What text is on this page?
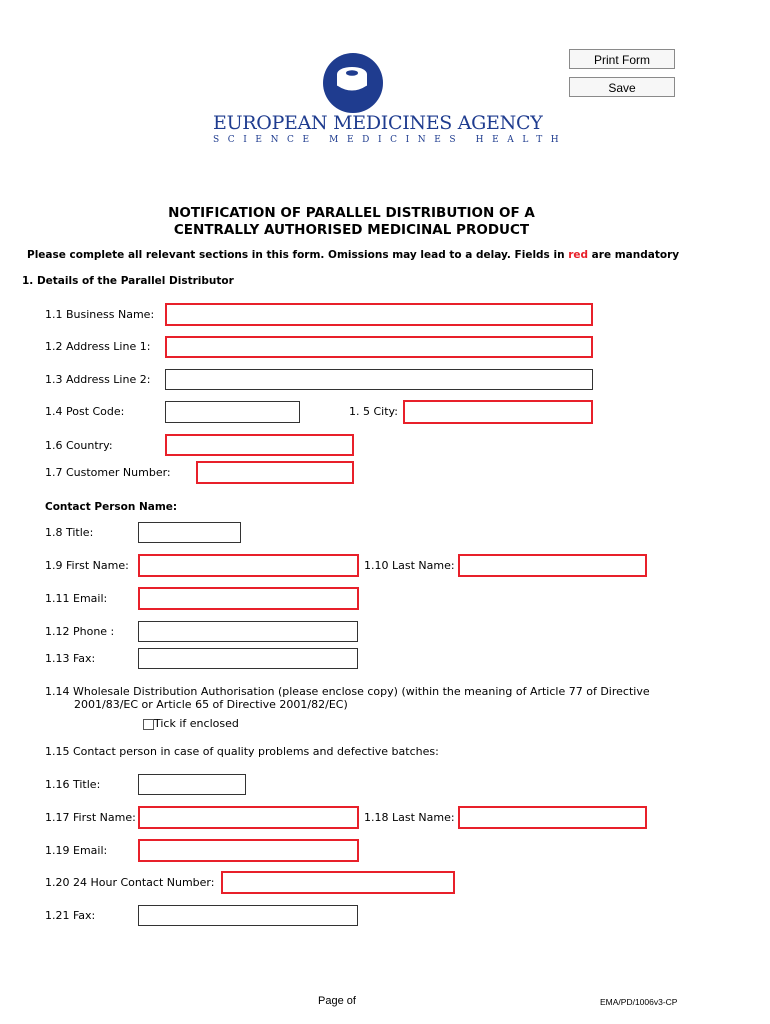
Print Form
Save
EUROPEAN MEDICINES AGENCY
SCIENCE MEDICINES HEALTH
NOTIFICATION OF PARALLEL DISTRIBUTION OF A
CENTRALLY AUTHORISED MEDICINAL PRODUCT
Please complete all relevant sections in this form. Omissions may lead to a delay. Fields in red are mandatory
1. Details of the Parallel Distributor
1.1 Business Name:
1.2 Address Line 1:
1.3 Address Line 2:
1.4 Post Code:	1. 5 City:
1.6 Country:
1.7 Customer Number:
Contact Person Name:
1.8 Title:
1.9 First Name:	1.10 Last Name:
1.11 Email:
1.12 Phone :
1.13 Fax:
1.14 Wholesale Distribution Authorisation (please enclose copy) (within the meaning of Article 77 of Directive
2001/83/EC or Article 65 of Directive 2001/82/EC)
Tick if enclosed
1.15 Contact person in case of quality problems and defective batches:
1.16 Title:
1.17 First Name:	1.18 Last Name:
1.19 Email:
1.20 24 Hour Contact Number:
1.21 Fax:
Page of	EMA/PD/1006v3-CP
